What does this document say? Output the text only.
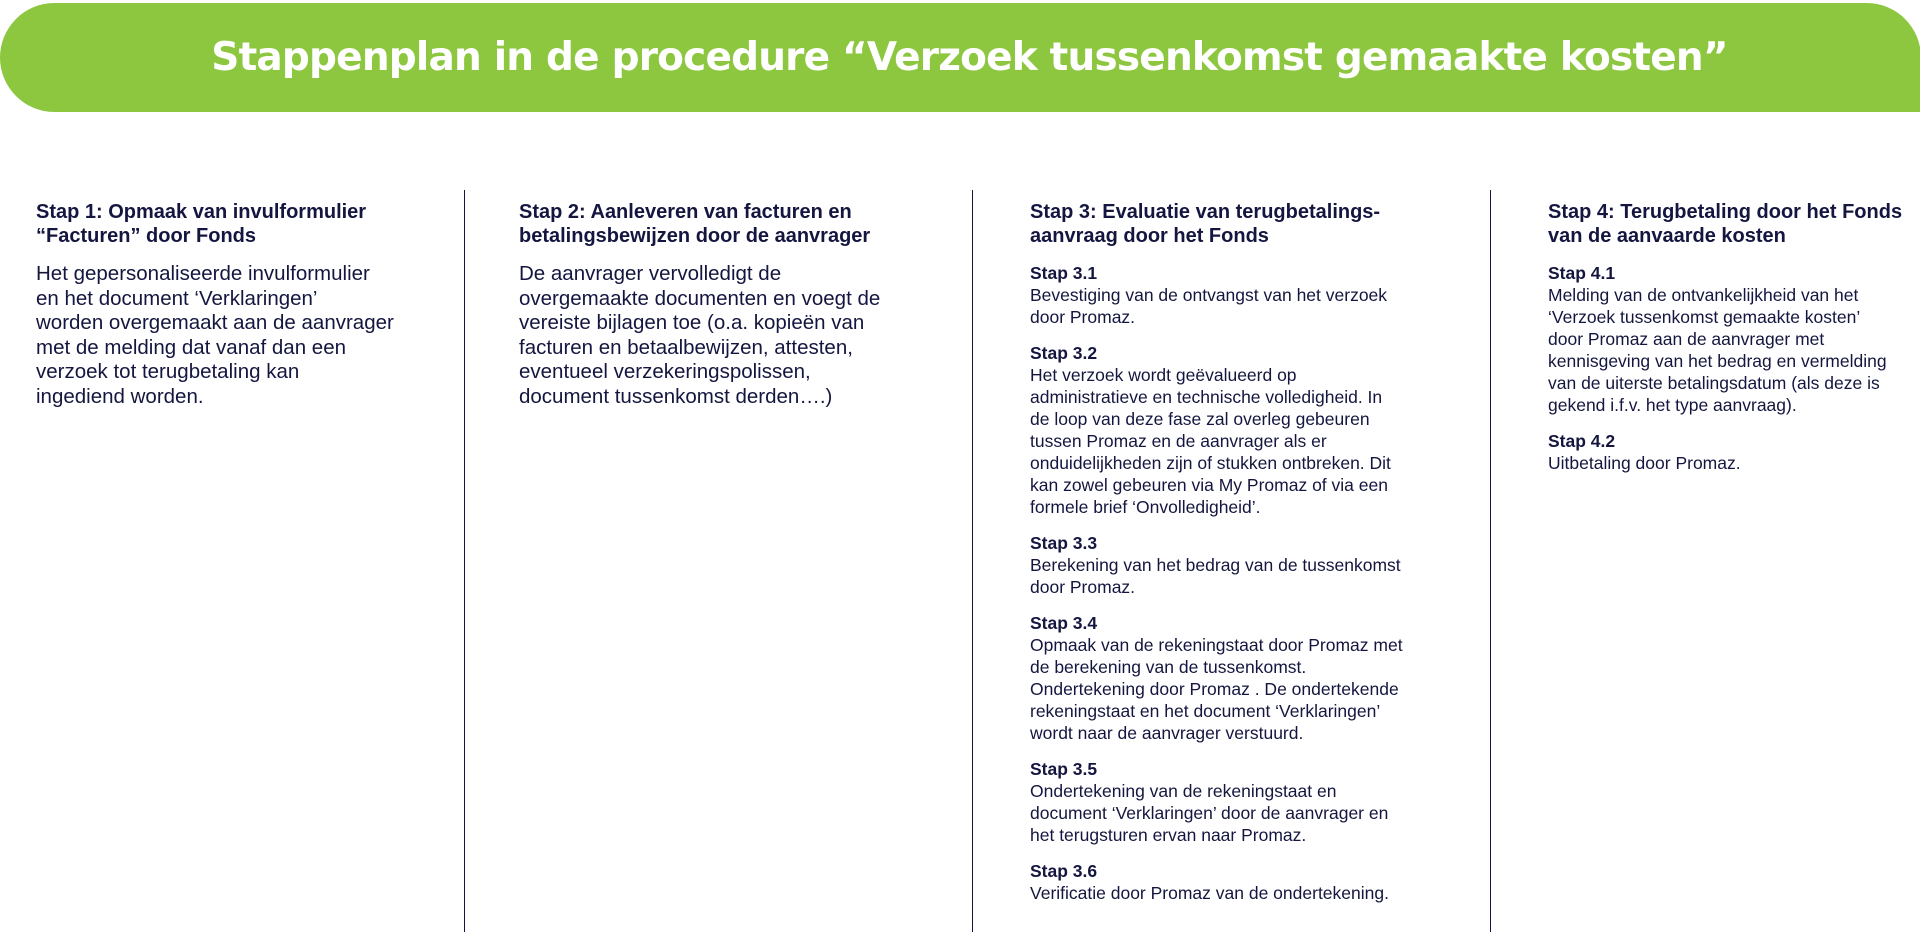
Stappenplan in de procedure “Verzoek tussenkomst gemaakte kosten”
Stap 1: Opmaak van invulformulier
“Facturen” door Fonds
Het gepersonaliseerde invulformulier
en het document ‘Verklaringen’
worden overgemaakt aan de aanvrager
met de melding dat vanaf dan een
verzoek tot terugbetaling kan
ingediend worden.
Stap 2: Aanleveren van facturen en
betalingsbewijzen door de aanvrager
De aanvrager vervolledigt de
overgemaakte documenten en voegt de
vereiste bijlagen toe (o.a. kopieën van
facturen en betaalbewijzen, attesten,
eventueel verzekeringspolissen,
document tussenkomst derden….)
Stap 3: Evaluatie van terugbetalings-
aanvraag door het Fonds
Stap 3.1
Bevestiging van de ontvangst van het verzoek
door Promaz.
Stap 3.2
Het verzoek wordt geëvalueerd op
administratieve en technische volledigheid. In
de loop van deze fase zal overleg gebeuren
tussen Promaz en de aanvrager als er
onduidelijkheden zijn of stukken ontbreken. Dit
kan zowel gebeuren via My Promaz of via een
formele brief ‘Onvolledigheid’.
Stap 3.3
Berekening van het bedrag van de tussenkomst
door Promaz.
Stap 3.4
Opmaak van de rekeningstaat door Promaz met
de berekening van de tussenkomst.
Ondertekening door Promaz . De ondertekende
rekeningstaat en het document ‘Verklaringen’
wordt naar de aanvrager verstuurd.
Stap 3.5
Ondertekening van de rekeningstaat en
document ‘Verklaringen’ door de aanvrager en
het terugsturen ervan naar Promaz.
Stap 3.6
Verificatie door Promaz van de ondertekening.
Stap 4: Terugbetaling door het Fonds
van de aanvaarde kosten
Stap 4.1
Melding van de ontvankelijkheid van het
‘Verzoek tussenkomst gemaakte kosten’
door Promaz aan de aanvrager met
kennisgeving van het bedrag en vermelding
van de uiterste betalingsdatum (als deze is
gekend i.f.v. het type aanvraag).
Stap 4.2
Uitbetaling door Promaz.
